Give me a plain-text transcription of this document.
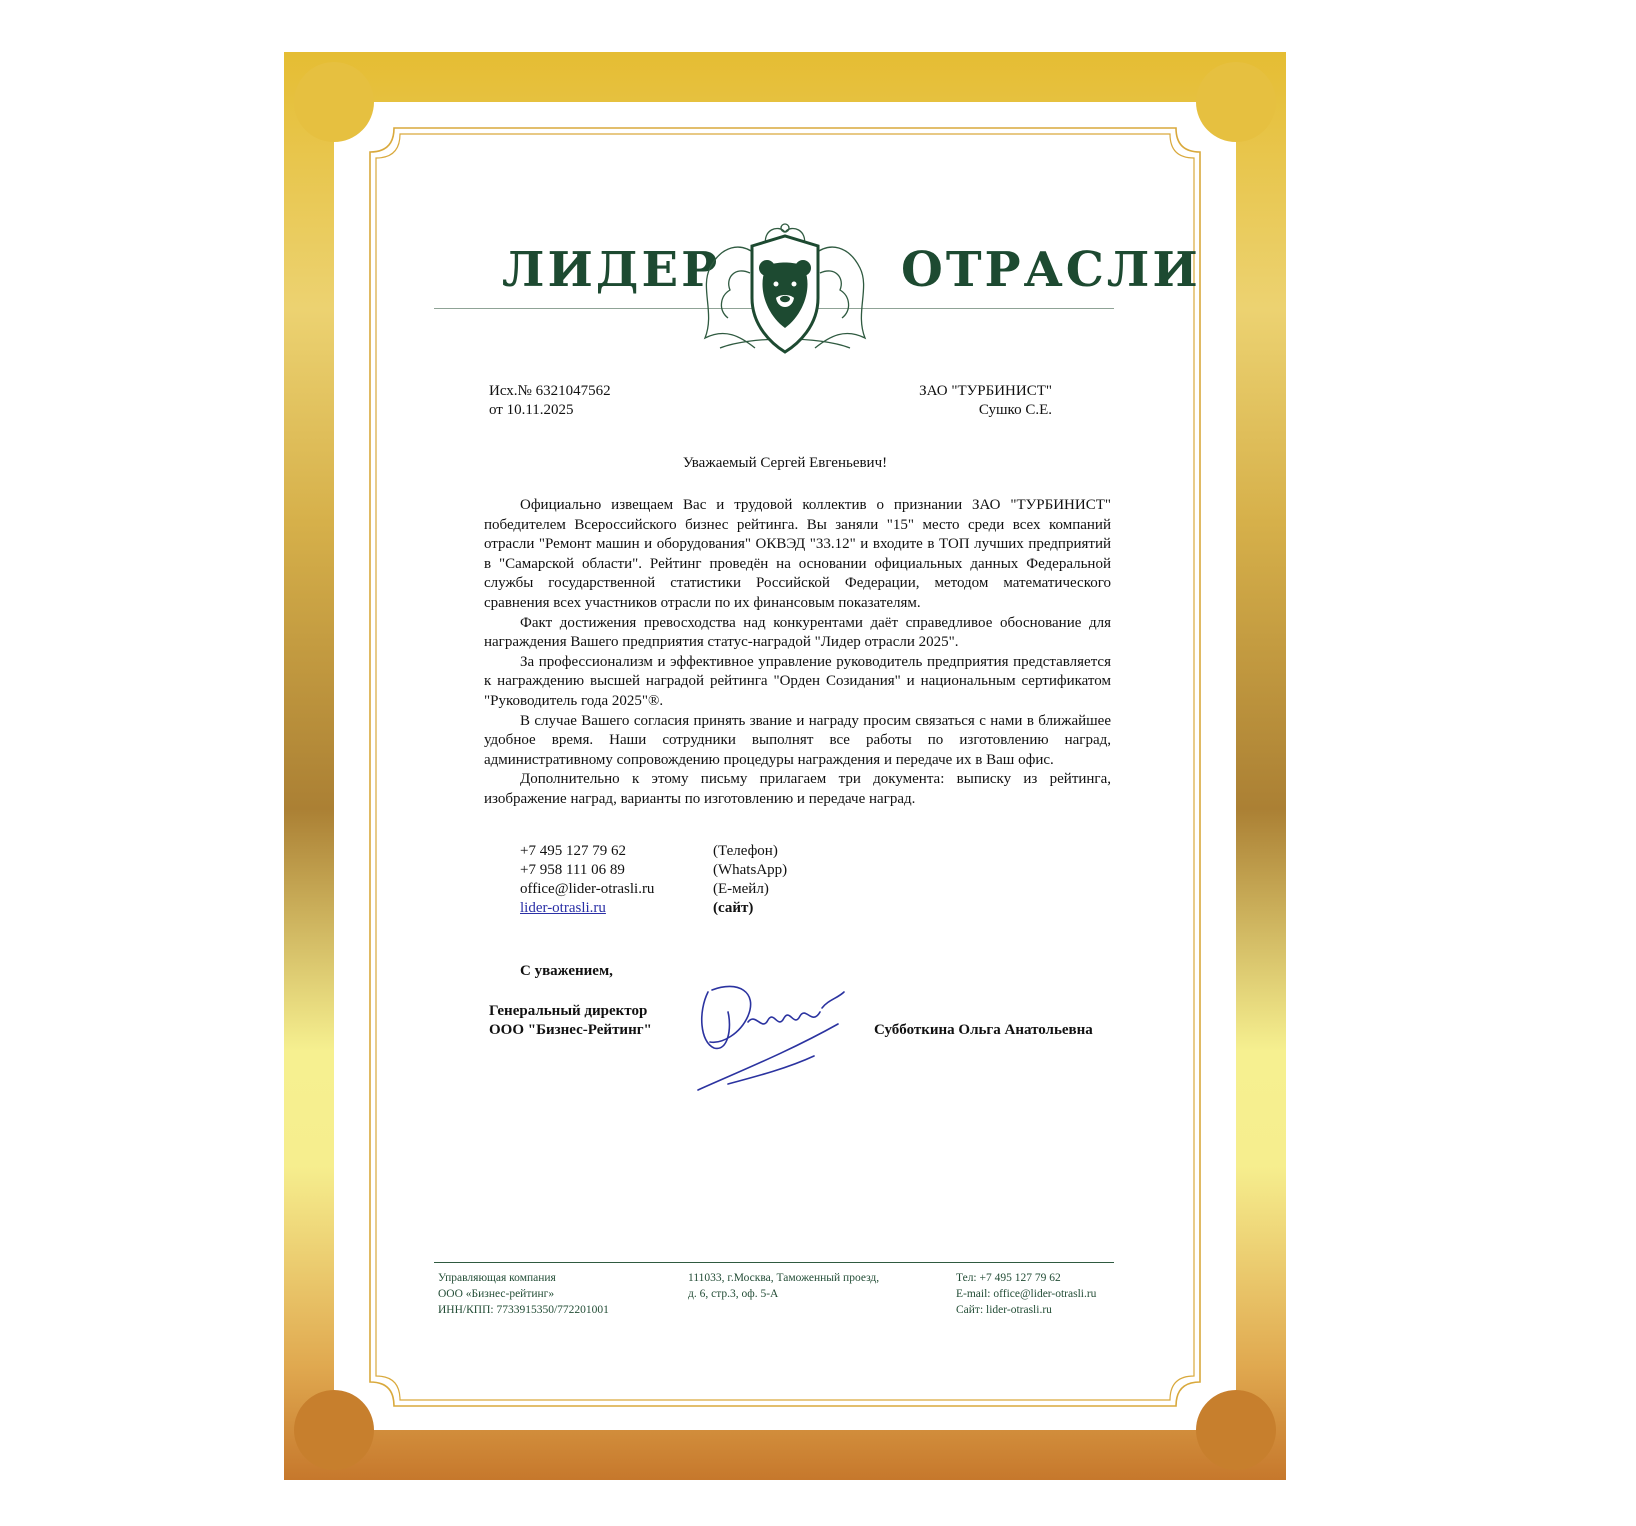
ЛИДЕР	ОТРАСЛИ
Исх.№ 6321047562
от 10.11.2025
ЗАО "ТУРБИНИСТ"
Сушко С.Е.
Уважаемый Сергей Евгеньевич!

Официально извещаем Вас и трудовой коллектив о признании ЗАО "ТУРБИНИСТ" победителем Всероссийского бизнес рейтинга. Вы заняли "15" место среди всех компаний отрасли "Ремонт машин и оборудования" ОКВЭД "33.12" и входите в ТОП лучших предприятий в "Самарской области". Рейтинг проведён на основании официальных данных Федеральной службы государственной статистики Российской Федерации, методом математического сравнения всех участников отрасли по их финансовым показателям.

Факт достижения превосходства над конкурентами даёт справедливое обоснование для награждения Вашего предприятия статус-наградой "Лидер отрасли 2025".

За профессионализм и эффективное управление руководитель предприятия представляется к награждению высшей наградой рейтинга "Орден Созидания" и национальным сертификатом "Руководитель года 2025"®.

В случае Вашего согласия принять звание и награду просим связаться с нами в ближайшее удобное время. Наши сотрудники выполнят все работы по изготовлению наград, административному сопровождению процедуры награждения и передаче их в Ваш офис.

Дополнительно к этому письму прилагаем три документа: выписку из рейтинга, изображение наград, варианты по изготовлению и передаче наград.

+7 495 127 79 62	(Телефон)
+7 958 111 06 89	(WhatsApp)
office@lider-otrasli.ru	(E-мейл)
lider-otrasli.ru	(сайт)
С уважением,
Генеральный директор
ООО "Бизнес-Рейтинг"	Субботкина Ольга Анатольевна
Управляющая компания
ООО «Бизнес-рейтинг»
ИНН/КПП: 7733915350/772201001
111033, г.Москва, Таможенный проезд,
д. 6, стр.3, оф. 5-А
Тел: +7 495 127 79 62
E-mail: office@lider-otrasli.ru
Сайт: lider-otrasli.ru
